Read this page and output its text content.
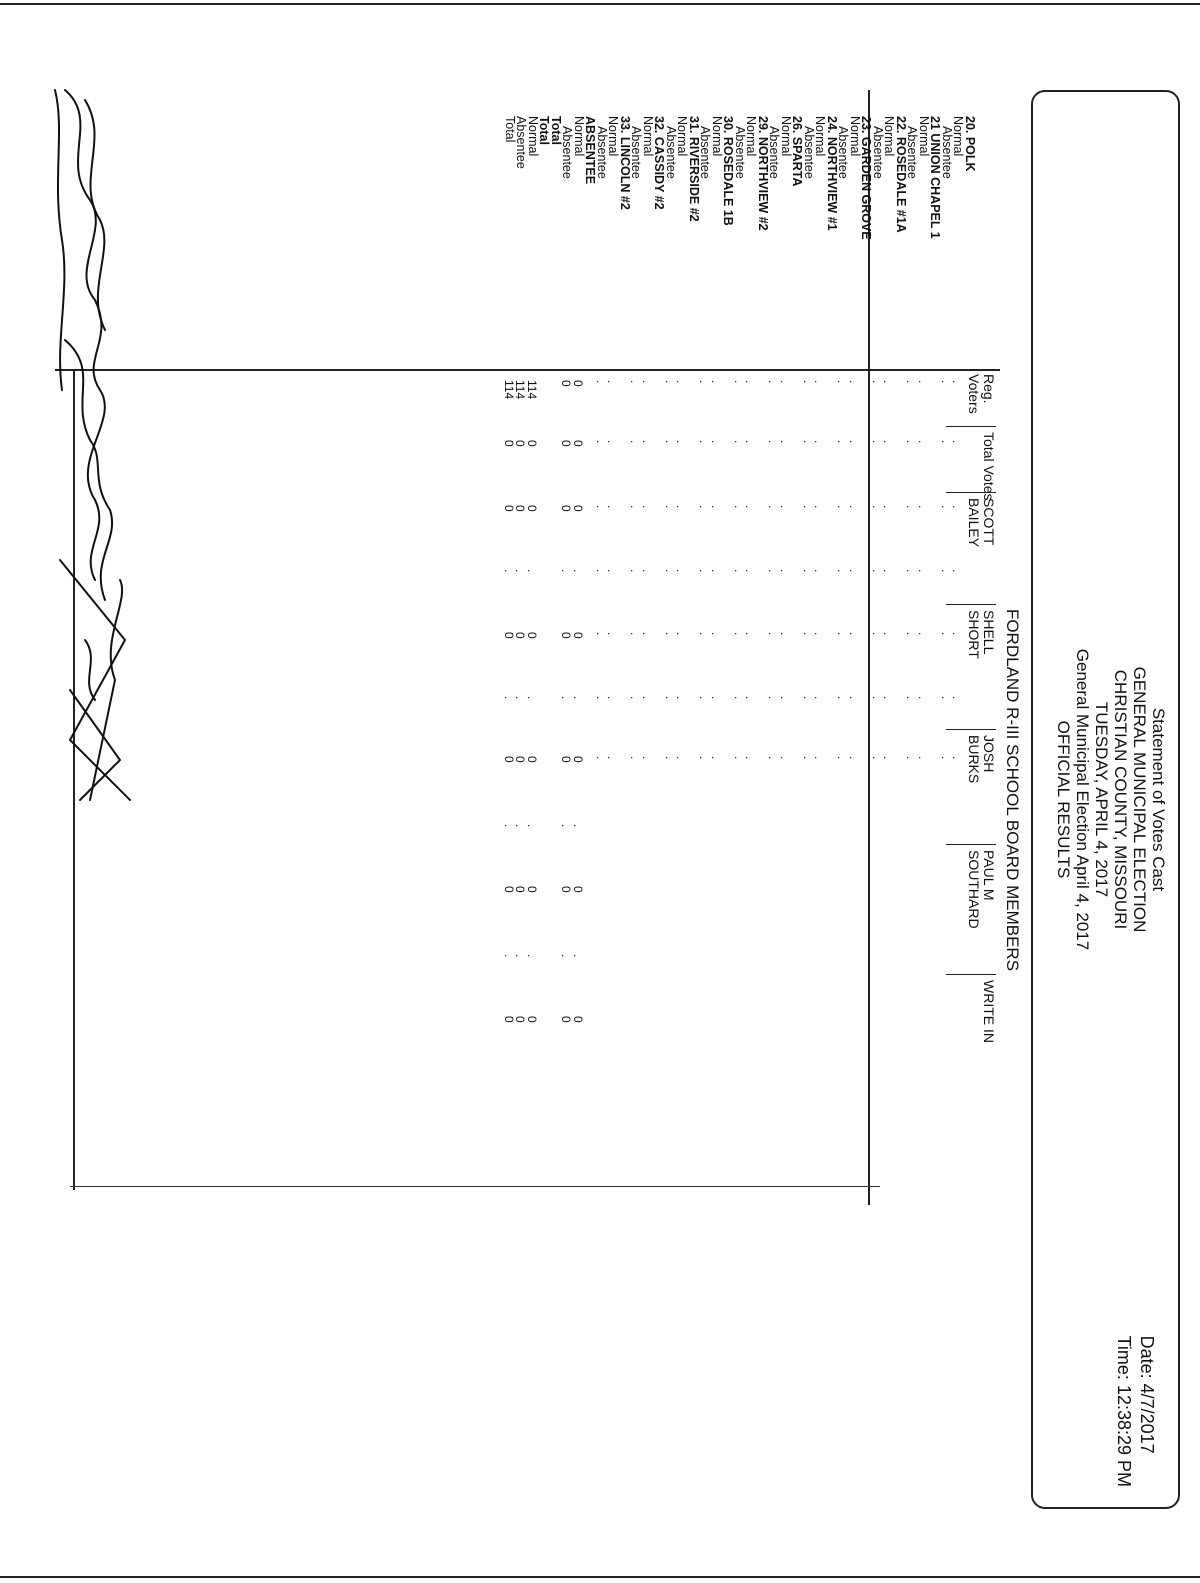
Statement of Votes Cast
GENERAL MUNICIPAL ELECTION
CHRISTIAN COUNTY, MISSOURI
TUESDAY, APRIL 4, 2017
General Municipal Election April 4, 2017
OFFICIAL RESULTS
Date: 4/7/2017
Time: 12:38:29 PM
FORDLAND R-III SCHOOL BOARD MEMBERS
Reg. Voters
Total Votes
SCOTT BAILEY
SHELL SHORT
JOSH BURKS
PAUL M SOUTHARD
WRITE IN
20. POLK
Normal
.
.
.
.
.
.
.
Absentee
.
.
.
.
.
.
.
21 UNION CHAPEL 1
Normal
.
.
.
.
.
.
.
Absentee
.
.
.
.
.
.
.
22. ROSEDALE #1A
Normal
.
.
.
.
.
.
.
Absentee
.
.
.
.
.
.
.
23. GARDEN GROVE
Normal
.
.
.
.
.
.
.
Absentee
.
.
.
.
.
.
.
24. NORTHVIEW #1
Normal
.
.
.
.
.
.
.
Absentee
.
.
.
.
.
.
.
26. SPARTA
Normal
.
.
.
.
.
.
.
Absentee
.
.
.
.
.
.
.
29. NORTHVIEW #2
Normal
.
.
.
.
.
.
.
Absentee
.
.
.
.
.
.
.
30. ROSEDALE 1B
Normal
.
.
.
.
.
.
.
Absentee
.
.
.
.
.
.
.
31. RIVERSIDE #2
Normal
.
.
.
.
.
.
.
Absentee
.
.
.
.
.
.
.
32. CASSIDY #2
Normal
.
.
.
.
.
.
.
Absentee
.
.
.
.
.
.
.
33. LINCOLN #2
Normal
.
.
.
.
.
.
.
Absentee
.
.
.
.
.
.
.
ABSENTEE
Normal
0
0
0
.
0
.
0
.
0
.
0
Absentee
0
0
0
.
0
.
0
.
0
.
0
Total
Total
Normal
114
0
0
.
0
.
0
.
0
.
0
Absentee
114
0
0
.
0
.
0
.
0
.
0
Total
114
0
0
.
0
.
0
.
0
.
0
